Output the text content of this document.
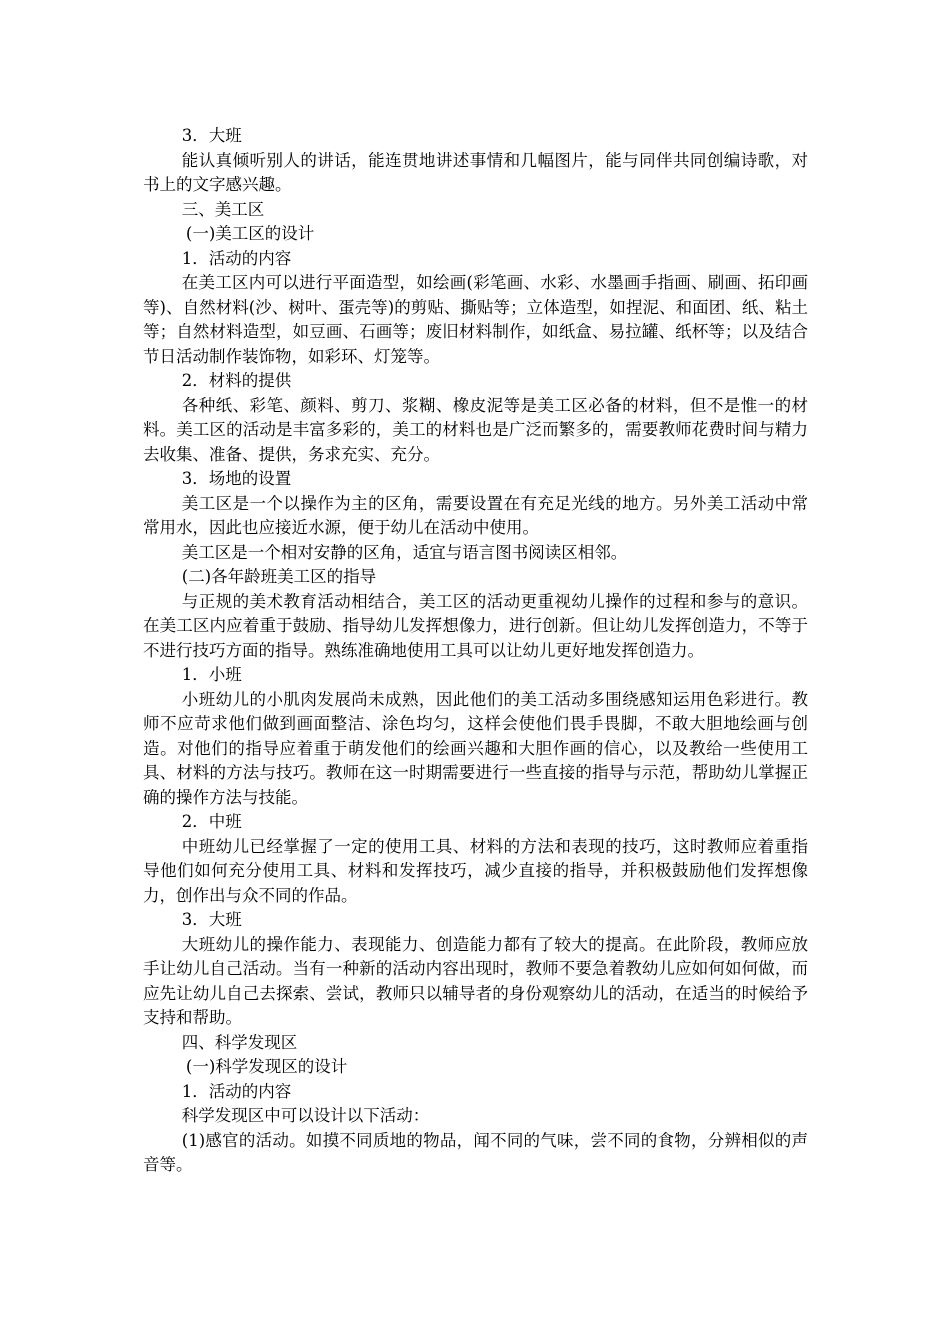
3．大班

能认真倾听别人的讲话，能连贯地讲述事情和几幅图片，能与同伴共同创编诗歌，对书上的文字感兴趣。

三、美工区

(一)美工区的设计

1．活动的内容

在美工区内可以进行平面造型，如绘画(彩笔画、水彩、水墨画手指画、刷画、拓印画等)、自然材料(沙、树叶、蛋壳等)的剪贴、撕贴等；立体造型，如捏泥、和面团、纸、粘土等；自然材料造型，如豆画、石画等；废旧材料制作，如纸盒、易拉罐、纸杯等；以及结合节日活动制作装饰物，如彩环、灯笼等。

2．材料的提供

各种纸、彩笔、颜料、剪刀、浆糊、橡皮泥等是美工区必备的材料，但不是惟一的材料。美工区的活动是丰富多彩的，美工的材料也是广泛而繁多的，需要教师花费时间与精力去收集、准备、提供，务求充实、充分。

3．场地的设置

美工区是一个以操作为主的区角，需要设置在有充足光线的地方。另外美工活动中常常用水，因此也应接近水源，便于幼儿在活动中使用。

美工区是一个相对安静的区角，适宜与语言图书阅读区相邻。

(二)各年龄班美工区的指导

与正规的美术教育活动相结合，美工区的活动更重视幼儿操作的过程和参与的意识。在美工区内应着重于鼓励、指导幼儿发挥想像力，进行创新。但让幼儿发挥创造力，不等于不进行技巧方面的指导。熟练准确地使用工具可以让幼儿更好地发挥创造力。

1．小班

小班幼儿的小肌肉发展尚未成熟，因此他们的美工活动多围绕感知运用色彩进行。教师不应苛求他们做到画面整洁、涂色均匀，这样会使他们畏手畏脚，不敢大胆地绘画与创造。对他们的指导应着重于萌发他们的绘画兴趣和大胆作画的信心，以及教给一些使用工具、材料的方法与技巧。教师在这一时期需要进行一些直接的指导与示范，帮助幼儿掌握正确的操作方法与技能。

2．中班

中班幼儿已经掌握了一定的使用工具、材料的方法和表现的技巧，这时教师应着重指导他们如何充分使用工具、材料和发挥技巧，减少直接的指导，并积极鼓励他们发挥想像力，创作出与众不同的作品。

3．大班

大班幼儿的操作能力、表现能力、创造能力都有了较大的提高。在此阶段，教师应放手让幼儿自己活动。当有一种新的活动内容出现时，教师不要急着教幼儿应如何如何做，而应先让幼儿自己去探索、尝试，教师只以辅导者的身份观察幼儿的活动，在适当的时候给予支持和帮助。

四、科学发现区

(一)科学发现区的设计

1．活动的内容

科学发现区中可以设计以下活动：

(1)感官的活动。如摸不同质地的物品，闻不同的气味，尝不同的食物，分辨相似的声音等。
